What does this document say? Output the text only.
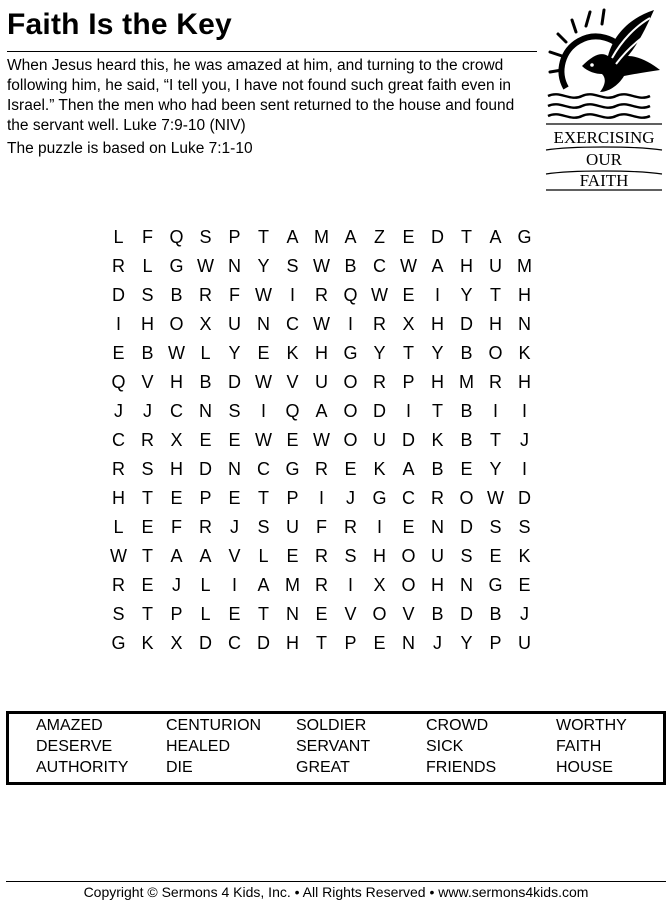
Faith Is the Key
When Jesus heard this, he was amazed at him, and turning to the crowd following him, he said, “I tell you, I have not found such great faith even in Israel.” Then the men who had been sent returned to the house and found the servant well. Luke 7:9-10 (NIV)
The puzzle is based on Luke 7:1-10
EXERCISING
OUR
FAITH
L	F Q S P T A M A Z E D T A G
R L G W N Y S W B C W A H U M
D S B R F W I	R Q W E	I	Y T H
I	H O X U N C W I	R X H D H N
E B W L Y E K H G Y T Y B O K
Q V H B D W V U O R P H M R H
J	J	C N S	I	Q A O D	I	T B	I	I
C R X E E W E W O U D K B T	J
R S H D N C G R E K A B E Y	I
H T E P E T P	I	J G C R O W D
L E F R	J	S U F R	I	E N D S S
W T A A V L E R S H O U S E K
R E	J	L	I	A M R	I	X O H N G E
S T P L E T N E V O V B D B	J
G K X D C D H T P E N	J	Y P U
AMAZED	CENTURION SOLDIER	CROWD	WORTHY
DESERVE	HEALED	SERVANT	SICK	FAITH
AUTHORITY DIE	GREAT	FRIENDS	HOUSE
Copyright © Sermons 4 Kids, Inc. • All Rights Reserved • www.sermons4kids.com
